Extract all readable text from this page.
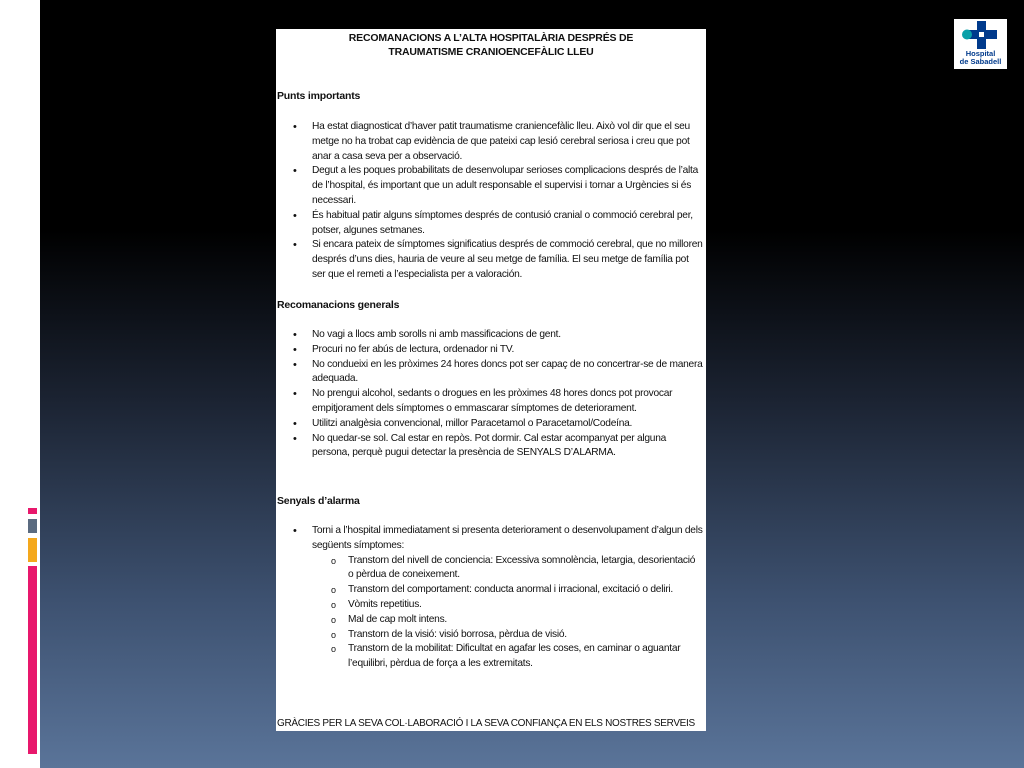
RECOMANACIONS A L’ALTA HOSPITALÀRIA DESPRÉS DE
TRAUMATISME CRANIOENCEFÀLIC LLEU
Punts importants
• Ha estat diagnosticat d’haver patit traumatisme craniencefàlic lleu. Això vol dir que el seu metge no ha trobat cap evidència de que pateixi cap lesió cerebral seriosa i creu que pot anar a casa seva per a observació.
• Degut a les poques probabilitats de desenvolupar serioses complicacions després de l’alta de l’hospital, és important que un adult responsable el supervisi i tornar a Urgències si és necessari.
• És habitual patir alguns símptomes després de contusió cranial o commoció cerebral per, potser, algunes setmanes.
• Si encara pateix de símptomes significatius després de commoció cerebral, que no milloren després d’uns dies, hauria de veure al seu metge de família. El seu metge de família pot ser que el remeti a l’especialista per a valoración.
Recomanacions generals
• No vagi a llocs amb sorolls ni amb massificacions de gent.
• Procuri no fer abús de lectura, ordenador ni TV.
• No condueixi en les pròximes 24 hores doncs pot ser capaç de no concertrar-se de manera adequada.
• No prengui alcohol, sedants o drogues en les pròximes 48 hores doncs pot provocar empitjorament dels símptomes o emmascarar símptomes de deteriorament.
• Utilitzi analgèsia convencional, millor Paracetamol o Paracetamol/Codeína.
• No quedar-se sol. Cal estar en repòs. Pot dormir. Cal estar acompanyat per alguna persona, perquè pugui detectar la presència de SENYALS D’ALARMA.
Senyals d’alarma
• Torni a l’hospital immediatament si presenta deteriorament o desenvolupament d’algun dels següents símptomes:
o Transtorn del nivell de conciencia: Excessiva somnolència, letargia, desorientació o pèrdua de coneixement.
o Transtorn del comportament: conducta anormal i irracional, excitació o deliri.
o Vòmits repetitius.
o Mal de cap molt intens.
o Transtorn de la visió: visió borrosa, pèrdua de visió.
o Transtorn de la mobilitat: Dificultat en agafar les coses, en caminar o aguantar l’equilibri, pèrdua de força a les extremitats.
GRÀCIES PER LA SEVA COL·LABORACIÓ I LA SEVA CONFIANÇA EN ELS NOSTRES SERVEIS
Hospital
de Sabadell
